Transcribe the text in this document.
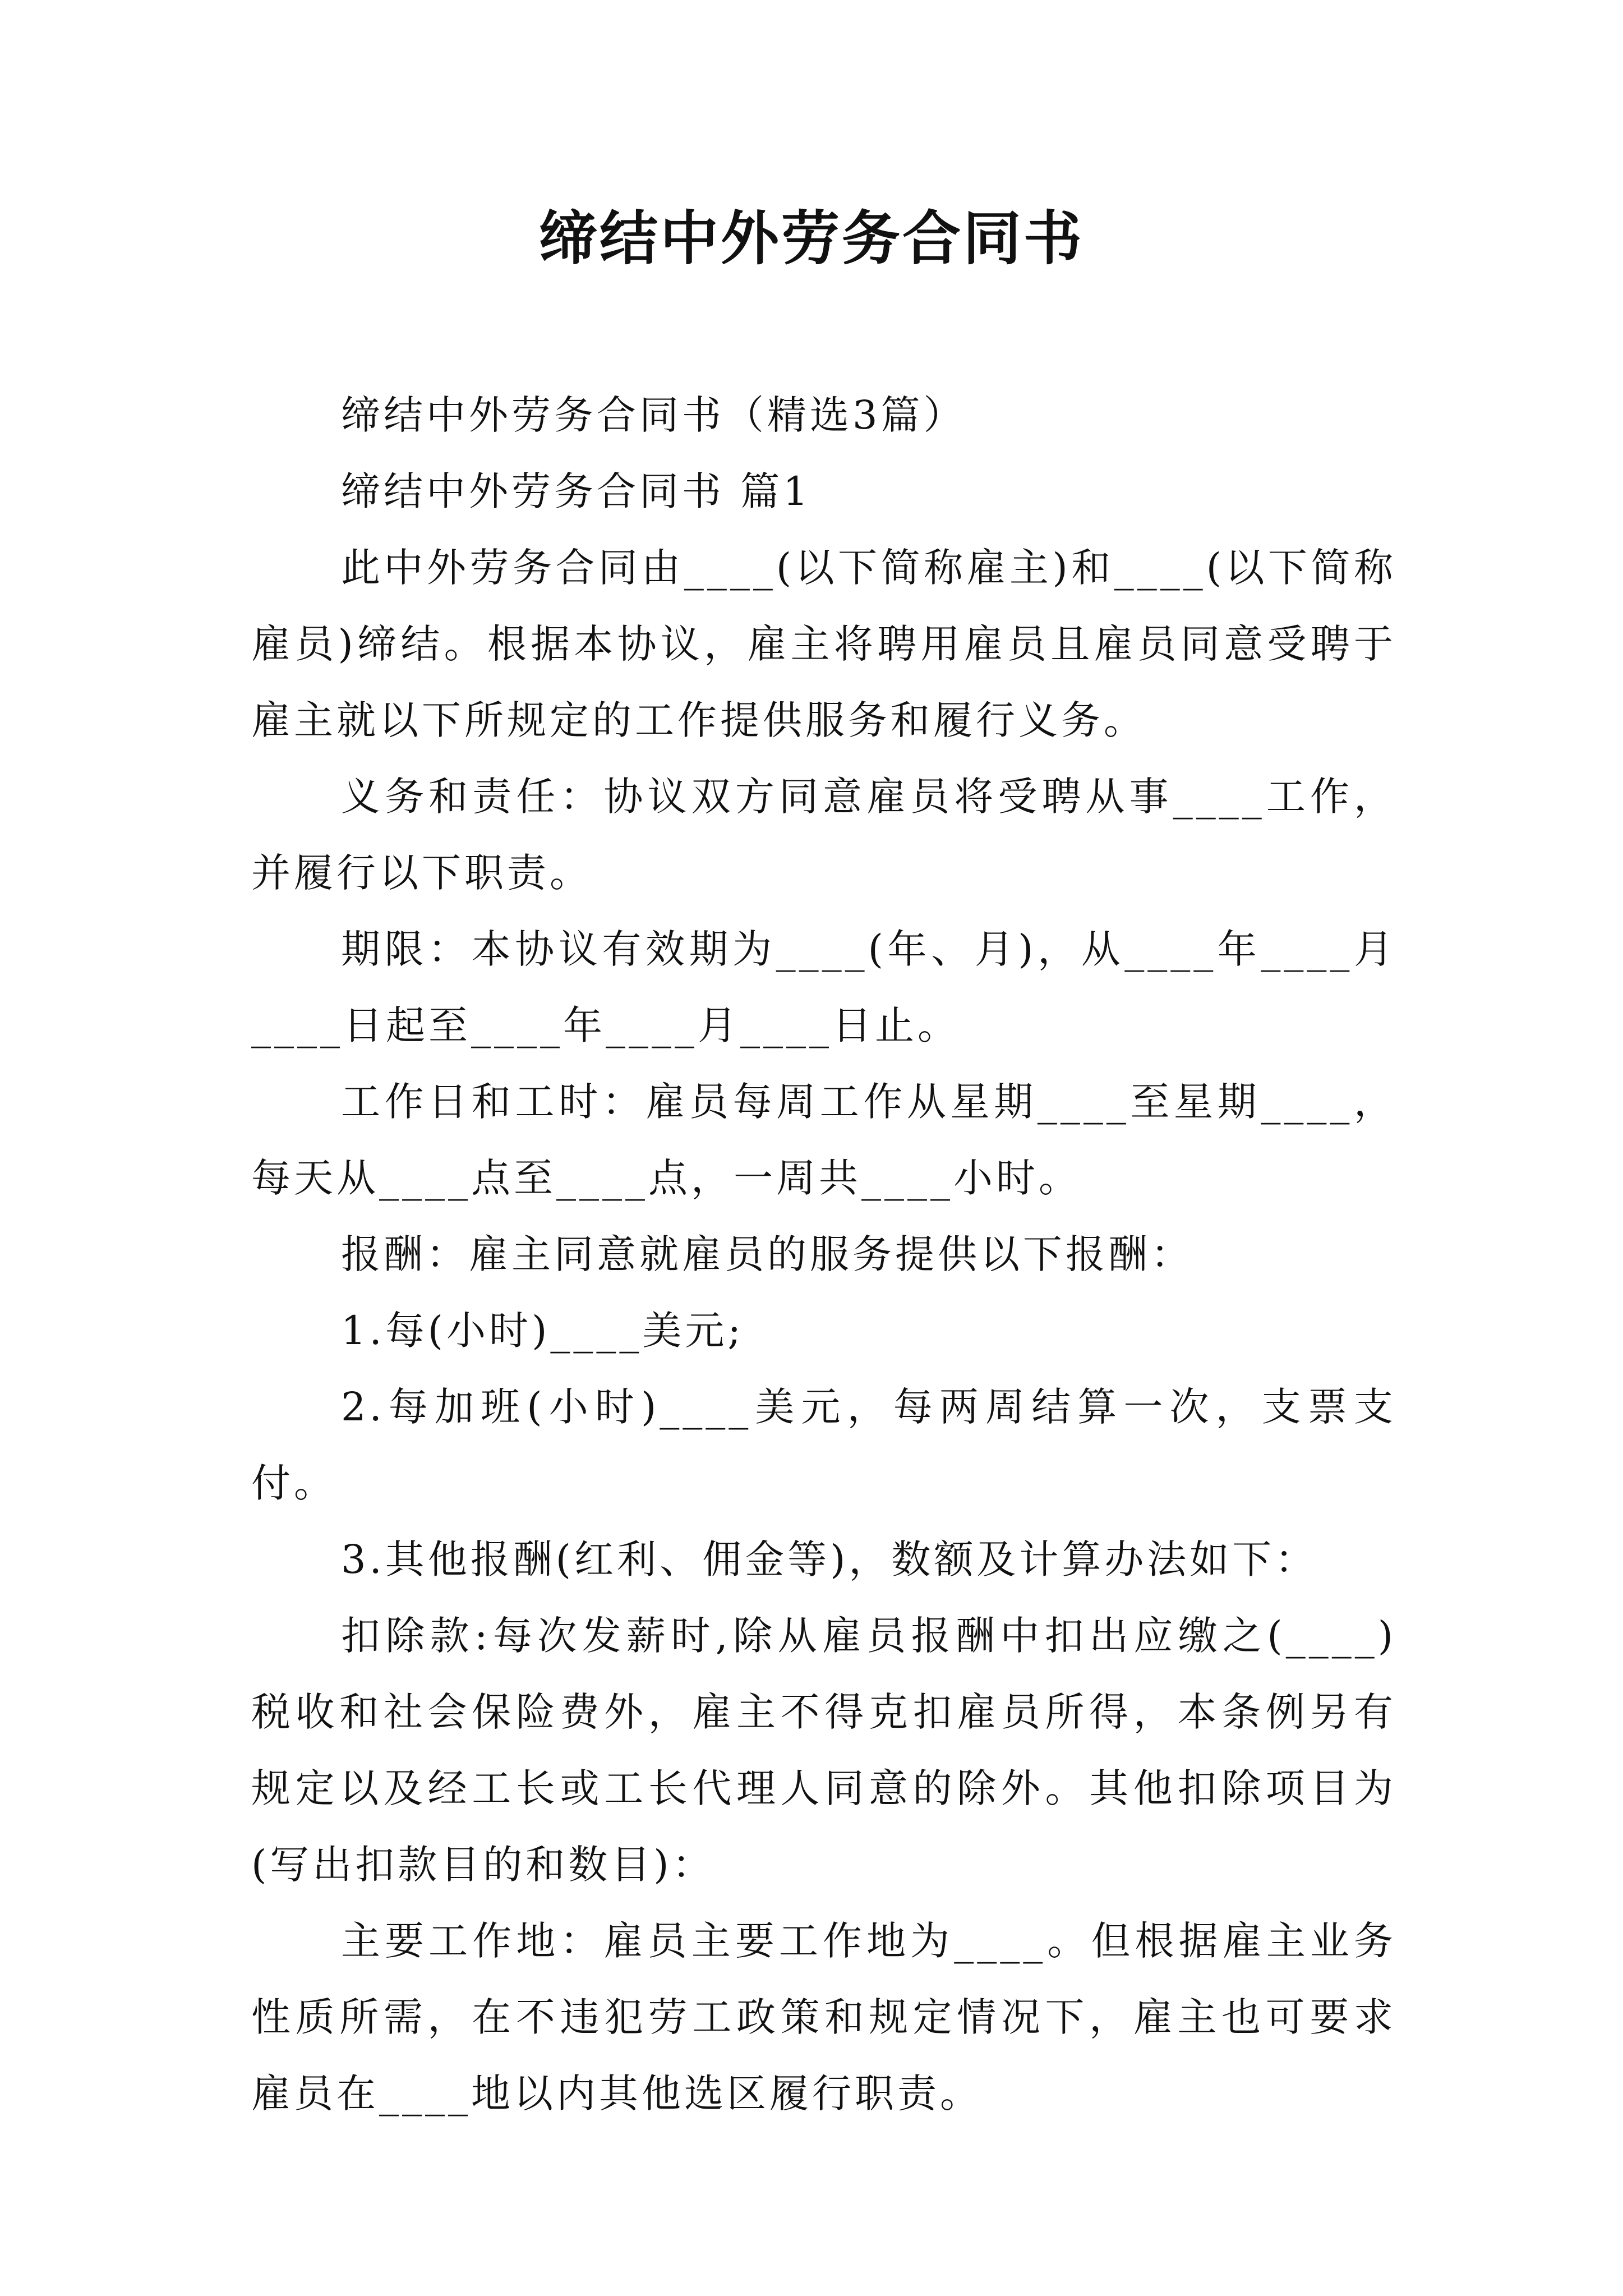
缔结中外劳务合同书

缔结中外劳务合同书（精选3篇）

缔结中外劳务合同书 篇1

此中外劳务合同由____(以下简称雇主)和____(以下简称雇员)缔结。根据本协议，雇主将聘用雇员且雇员同意受聘于雇主就以下所规定的工作提供服务和履行义务。

义务和责任：协议双方同意雇员将受聘从事____工作，并履行以下职责。

期限：本协议有效期为____(年、月)，从____年____月____日起至____年____月____日止。

工作日和工时：雇员每周工作从星期____至星期____，每天从____点至____点，一周共____小时。

报酬：雇主同意就雇员的服务提供以下报酬：

1.每(小时)____美元;

2.每加班(小时)____美元，每两周结算一次，支票支付。

3.其他报酬(红利、佣金等)，数额及计算办法如下：

扣除款:每次发薪时,除从雇员报酬中扣出应缴之(____)税收和社会保险费外，雇主不得克扣雇员所得，本条例另有规定以及经工长或工长代理人同意的除外。其他扣除项目为(写出扣款目的和数目)：

主要工作地：雇员主要工作地为____。但根据雇主业务性质所需，在不违犯劳工政策和规定情况下，雇主也可要求雇员在____地以内其他选区履行职责。
